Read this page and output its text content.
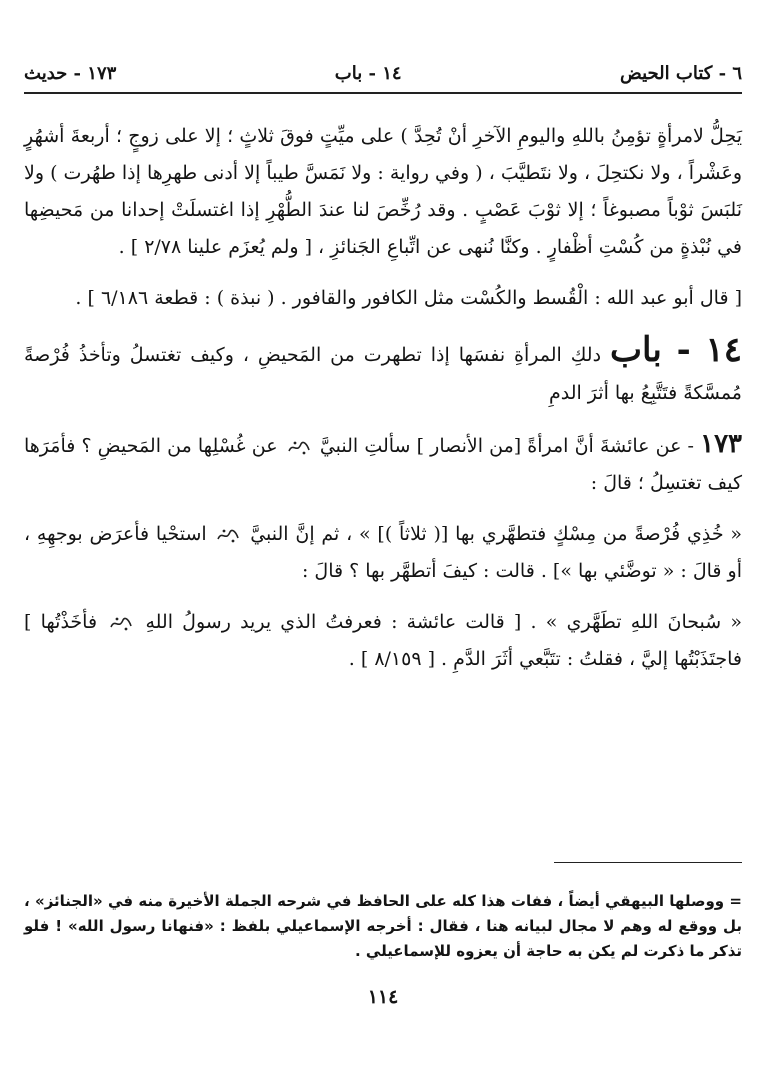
٦ - كتاب الحيض
١٤ - باب
١٧٣ - حديث

يَحِلُّ لامرأةٍ تؤمِنُ باللهِ واليومِ الآخرِ أنْ تُحِدَّ ) على ميِّتٍ فوقَ ثلاثٍ ؛ إلا على زوجٍ ؛ أربعةَ أشهُرٍ وعَشْراً ، ولا نكتحِلَ ، ولا نتَطيَّبَ ، ( وفي رواية : ولا نَمَسَّ طيباً إلا أدنى طهرِها إذا طهُرت ) ولا نَلبَسَ ثوْباً مصبوغاً ؛ إلا ثوْبَ عَصْبٍ . وقد رُخِّصَ لنا عندَ الطُّهْرِ إذا اغتسلَتْ إحدانا من مَحيضِها في نُبْذةٍ من كُسْتِ أظْفارٍ . وكنَّا نُنهى عن اتِّباعِ الجَنائزِ ، [ ولم يُعزَم علينا ٢/٧٨ ] .

[ قال أبو عبد الله : الْقُسط والكُسْت مثل الكافور والقافور . ( نبذة ) : قطعة ٦/١٨٦ ] .

١٤ - باب دلكِ المرأةِ نفسَها إذا تطهرت من المَحيضِ ، وكيف تغتسلُ وتأخذُ فُرْصةً مُمسَّكةً فتَتَّبِعُ بها أثرَ الدمِ

١٧٣ - عن عائشةَ أنَّ امرأةً [من الأنصار ] سألتِ النبيَّ
عن غُسْلِها من المَحيضِ ؟ فأمَرَها كيف تغتسِلُ ؛ قالَ :

« خُذِي فُرْصةً من مِسْكٍ فتطهَّري بها [( ثلاثاً )] » ، ثم إنَّ النبيَّ
استحْيا فأعرَض بوجهِهِ ، أو قالَ : « توضَّئي بها »] . قالت : كيفَ أتطهَّر بها ؟ قالَ :

« سُبحانَ اللهِ تطَهَّري » . [ قالت عائشة : فعرفتُ الذي يريد رسولُ اللهِ
فأخَذْتُها ] فاجتَذَبْتُها إليَّ ، فقلتُ : تتَبَّعي أثَرَ الدَّمِ . [ ٨/١٥٩ ] .

= ووصلها البيهقي أيضاً ، ففات هذا كله على الحافظ في شرحه الجملة الأخيرة منه في «الجنائز» ، بل ووقع له وهم لا مجال لبيانه هنا ، فقال : أخرجه الإسماعيلي بلفظ : «فنهانا رسول الله» ! فلو تذكر ما ذكرت لم يكن به حاجة أن يعزوه للإسماعيلي .

١١٤
